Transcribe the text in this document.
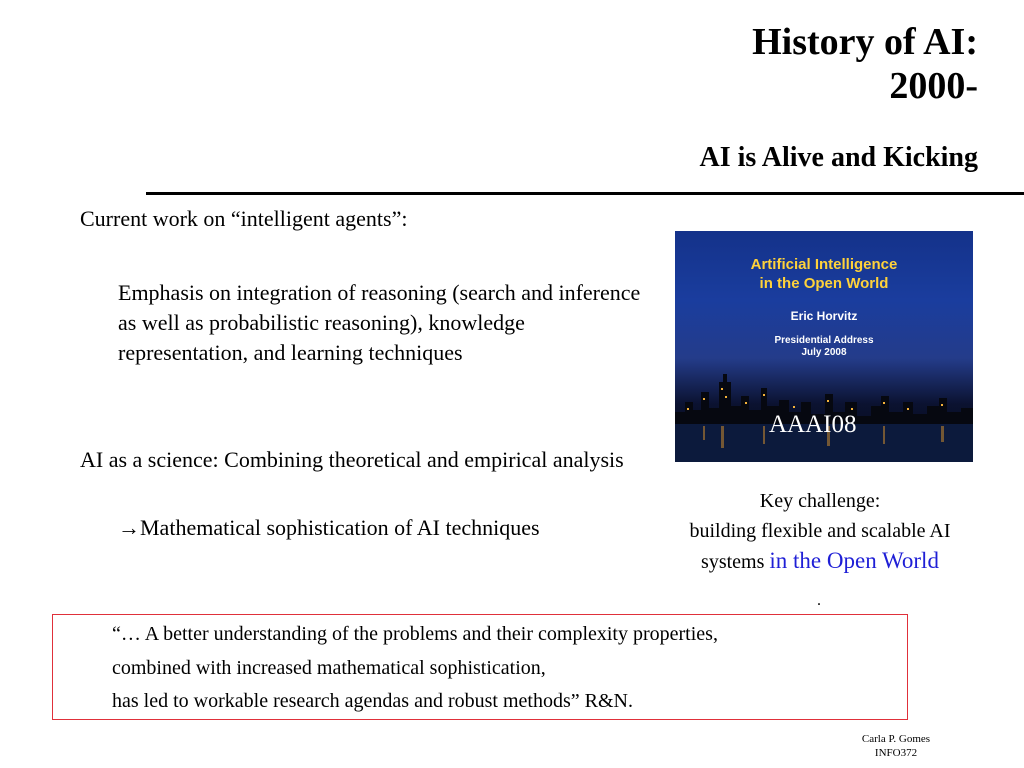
History of AI:
2000-
AI is Alive and Kicking
Current work on “intelligent agents”:
Emphasis on integration of reasoning (search and inference as well as probabilistic reasoning), knowledge representation, and learning techniques
AI as a science: Combining theoretical and empirical analysis
→Mathematical sophistication of AI techniques
Artificial Intelligence
in the Open World
Eric Horvitz
Presidential Address
July 2008
AAAI08
Key challenge:
building flexible and scalable AI
systems in the Open World
.
“… A better understanding of the problems and their complexity properties,
combined with increased mathematical sophistication,
has led to workable research agendas and robust methods” R&N.
Carla P. Gomes
INFO372
